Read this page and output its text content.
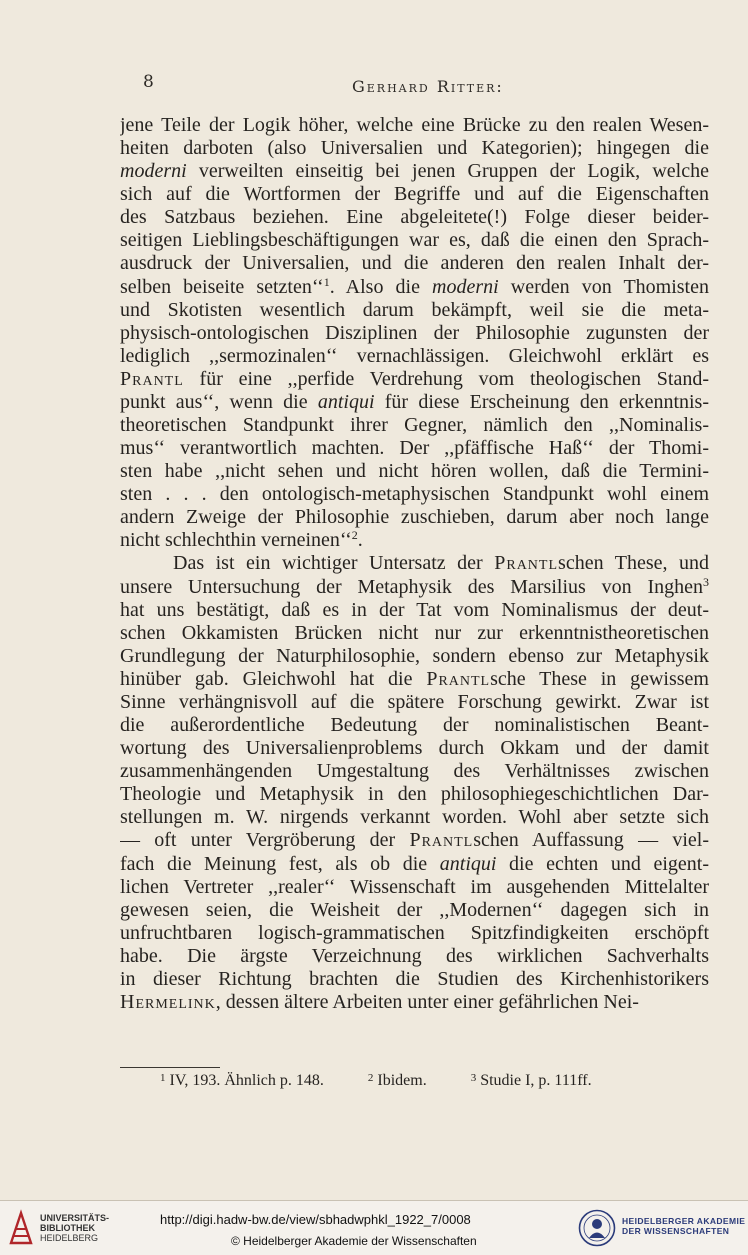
8	Gerhard Ritter:
jene Teile der Logik höher, welche eine Brücke zu den realen Wesen-
heiten darboten (also Universalien und Kategorien); hingegen die
moderni verweilten einseitig bei jenen Gruppen der Logik, welche
sich auf die Wortformen der Begriffe und auf die Eigenschaften
des Satzbaus beziehen. Eine abgeleitete(!) Folge dieser beider-
seitigen Lieblingsbeschäftigungen war es, daß die einen den Sprach-
ausdruck der Universalien, und die anderen den realen Inhalt der-
selben beiseite setzten‘‘$^1$. Also die moderni werden von Thomisten
und Skotisten wesentlich darum bekämpft, weil sie die meta-
physisch-ontologischen Disziplinen der Philosophie zugunsten der
lediglich ,,sermozinalen‘‘ vernachlässigen. Gleichwohl erklärt es
Prantl für eine ,,perfide Verdrehung vom theologischen Stand-
punkt aus‘‘, wenn die antiqui für diese Erscheinung den erkenntnis-
theoretischen Standpunkt ihrer Gegner, nämlich den ,,Nominalis-
mus‘‘ verantwortlich machten. Der ,,pfäffische Haß‘‘ der Thomi-
sten habe ,,nicht sehen und nicht hören wollen, daß die Termini-
sten . . . den ontologisch-metaphysischen Standpunkt wohl einem
andern Zweige der Philosophie zuschieben, darum aber noch lange
nicht schlechthin verneinen‘‘$^2$.
Das ist ein wichtiger Untersatz der Prantlschen These, und
unsere Untersuchung der Metaphysik des Marsilius von Inghen$^3$
hat uns bestätigt, daß es in der Tat vom Nominalismus der deut-
schen Okkamisten Brücken nicht nur zur erkenntnistheoretischen
Grundlegung der Naturphilosophie, sondern ebenso zur Metaphysik
hinüber gab. Gleichwohl hat die Prantlsche These in gewissem
Sinne verhängnisvoll auf die spätere Forschung gewirkt. Zwar ist
die außerordentliche Bedeutung der nominalistischen Beant-
wortung des Universalienproblems durch Okkam und der damit
zusammenhängenden Umgestaltung des Verhältnisses zwischen
Theologie und Metaphysik in den philosophiegeschichtlichen Dar-
stellungen m. W. nirgends verkannt worden. Wohl aber setzte sich
— oft unter Vergröberung der Prantlschen Auffassung — viel-
fach die Meinung fest, als ob die antiqui die echten und eigent-
lichen Vertreter ,,realer‘‘ Wissenschaft im ausgehenden Mittelalter
gewesen seien, die Weisheit der ,,Modernen‘‘ dagegen sich in
unfruchtbaren logisch-grammatischen Spitzfindigkeiten erschöpft
habe. Die ärgste Verzeichnung des wirklichen Sachverhalts
in dieser Richtung brachten die Studien des Kirchenhistorikers
Hermelink, dessen ältere Arbeiten unter einer gefährlichen Nei-
$^1$ IV, 193. Ähnlich p. 148.	$^2$ Ibidem.	$^3$ Studie I, p. 111ff.
UNIVERSITÄTS-
BIBLIOTHEK
HEIDELBERG
http://digi.hadw-bw.de/view/sbhadwphkl_1922_7/0008
© Heidelberger Akademie der Wissenschaften
HEIDELBERGER AKADEMIE
DER WISSENSCHAFTEN
